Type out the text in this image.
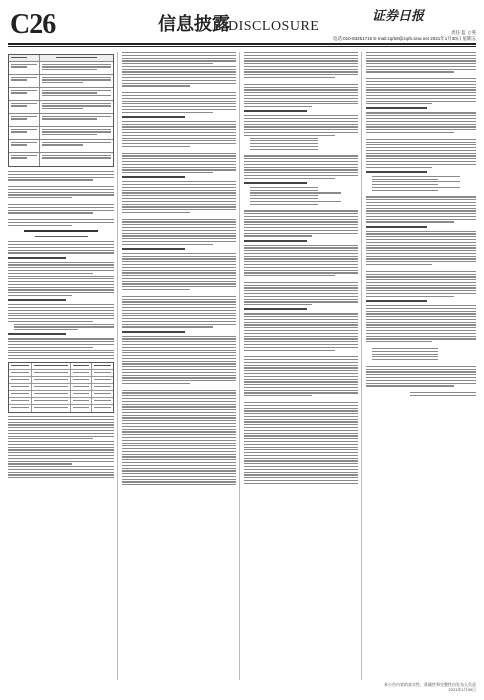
C26	信息披露
DISCLOSURE
证券日报
责任 监 立英
电话:010-83251716 E-mail:zqrb9@zqrb.sina.net 2021年1月30日 星期五
本公告内容的真实性、准确性和完整性由发布人负责
2021年1月30日
